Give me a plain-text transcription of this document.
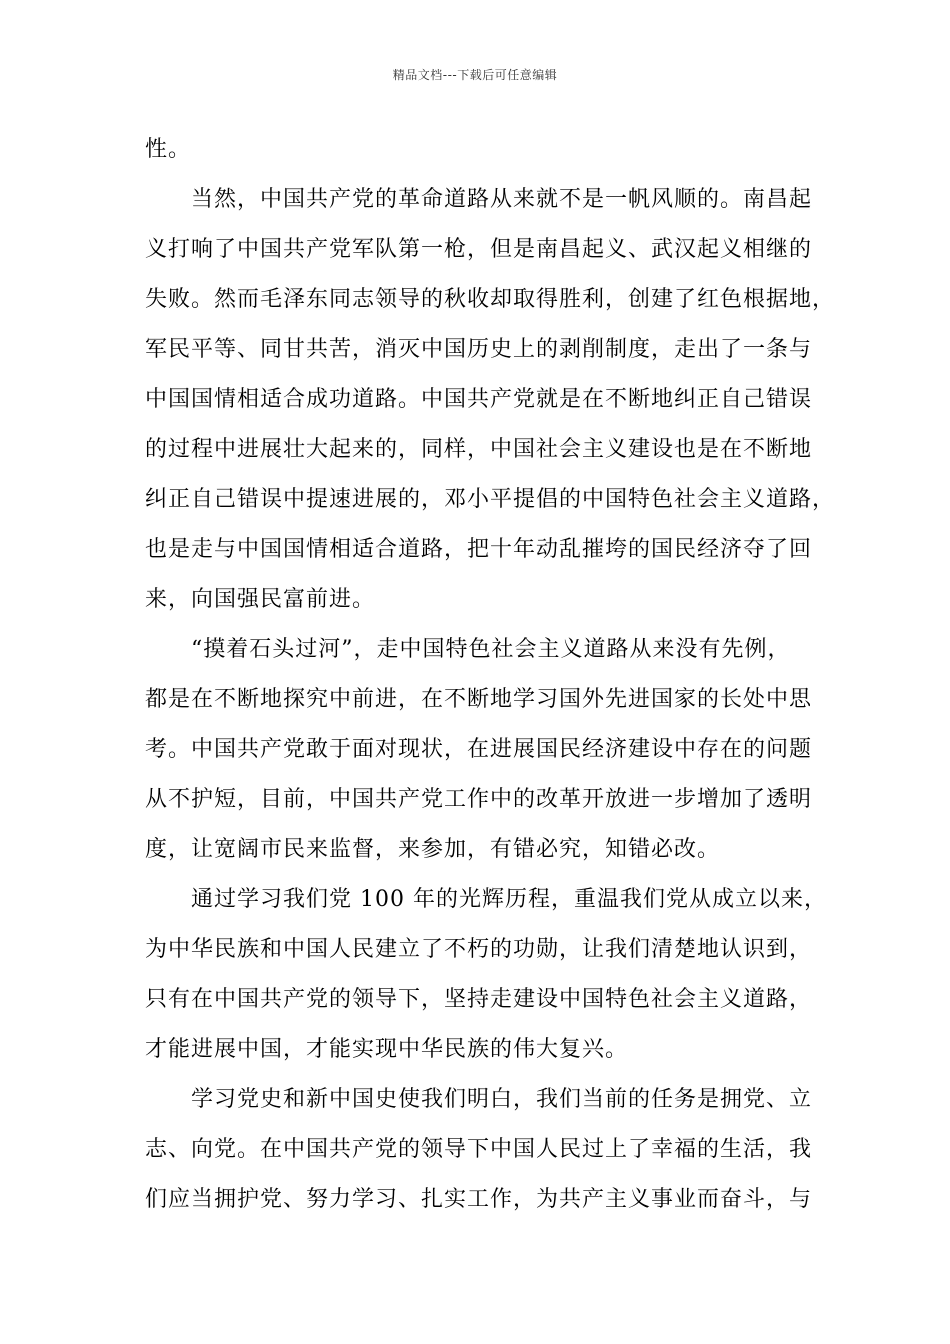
精品文档---下载后可任意编辑
性。
当然，中国共产党的革命道路从来就不是一帆风顺的。南昌起
义打响了中国共产党军队第一枪，但是南昌起义、武汉起义相继的
失败。然而毛泽东同志领导的秋收却取得胜利，创建了红色根据地，
军民平等、同甘共苦，消灭中国历史上的剥削制度，走出了一条与
中国国情相适合成功道路。中国共产党就是在不断地纠正自己错误
的过程中进展壮大起来的，同样，中国社会主义建设也是在不断地
纠正自己错误中提速进展的，邓小平提倡的中国特色社会主义道路，
也是走与中国国情相适合道路，把十年动乱摧垮的国民经济夺了回
来，向国强民富前进。
“摸着石头过河”，走中国特色社会主义道路从来没有先例，
都是在不断地探究中前进，在不断地学习国外先进国家的长处中思
考。中国共产党敢于面对现状，在进展国民经济建设中存在的问题
从不护短，目前，中国共产党工作中的改革开放进一步增加了透明
度，让宽阔市民来监督，来参加，有错必究，知错必改。
通过学习我们党 100 年的光辉历程，重温我们党从成立以来，
为中华民族和中国人民建立了不朽的功勋，让我们清楚地认识到，
只有在中国共产党的领导下，坚持走建设中国特色社会主义道路，
才能进展中国，才能实现中华民族的伟大复兴。
学习党史和新中国史使我们明白，我们当前的任务是拥党、立
志、向党。在中国共产党的领导下中国人民过上了幸福的生活，我
们应当拥护党、努力学习、扎实工作，为共产主义事业而奋斗，与
